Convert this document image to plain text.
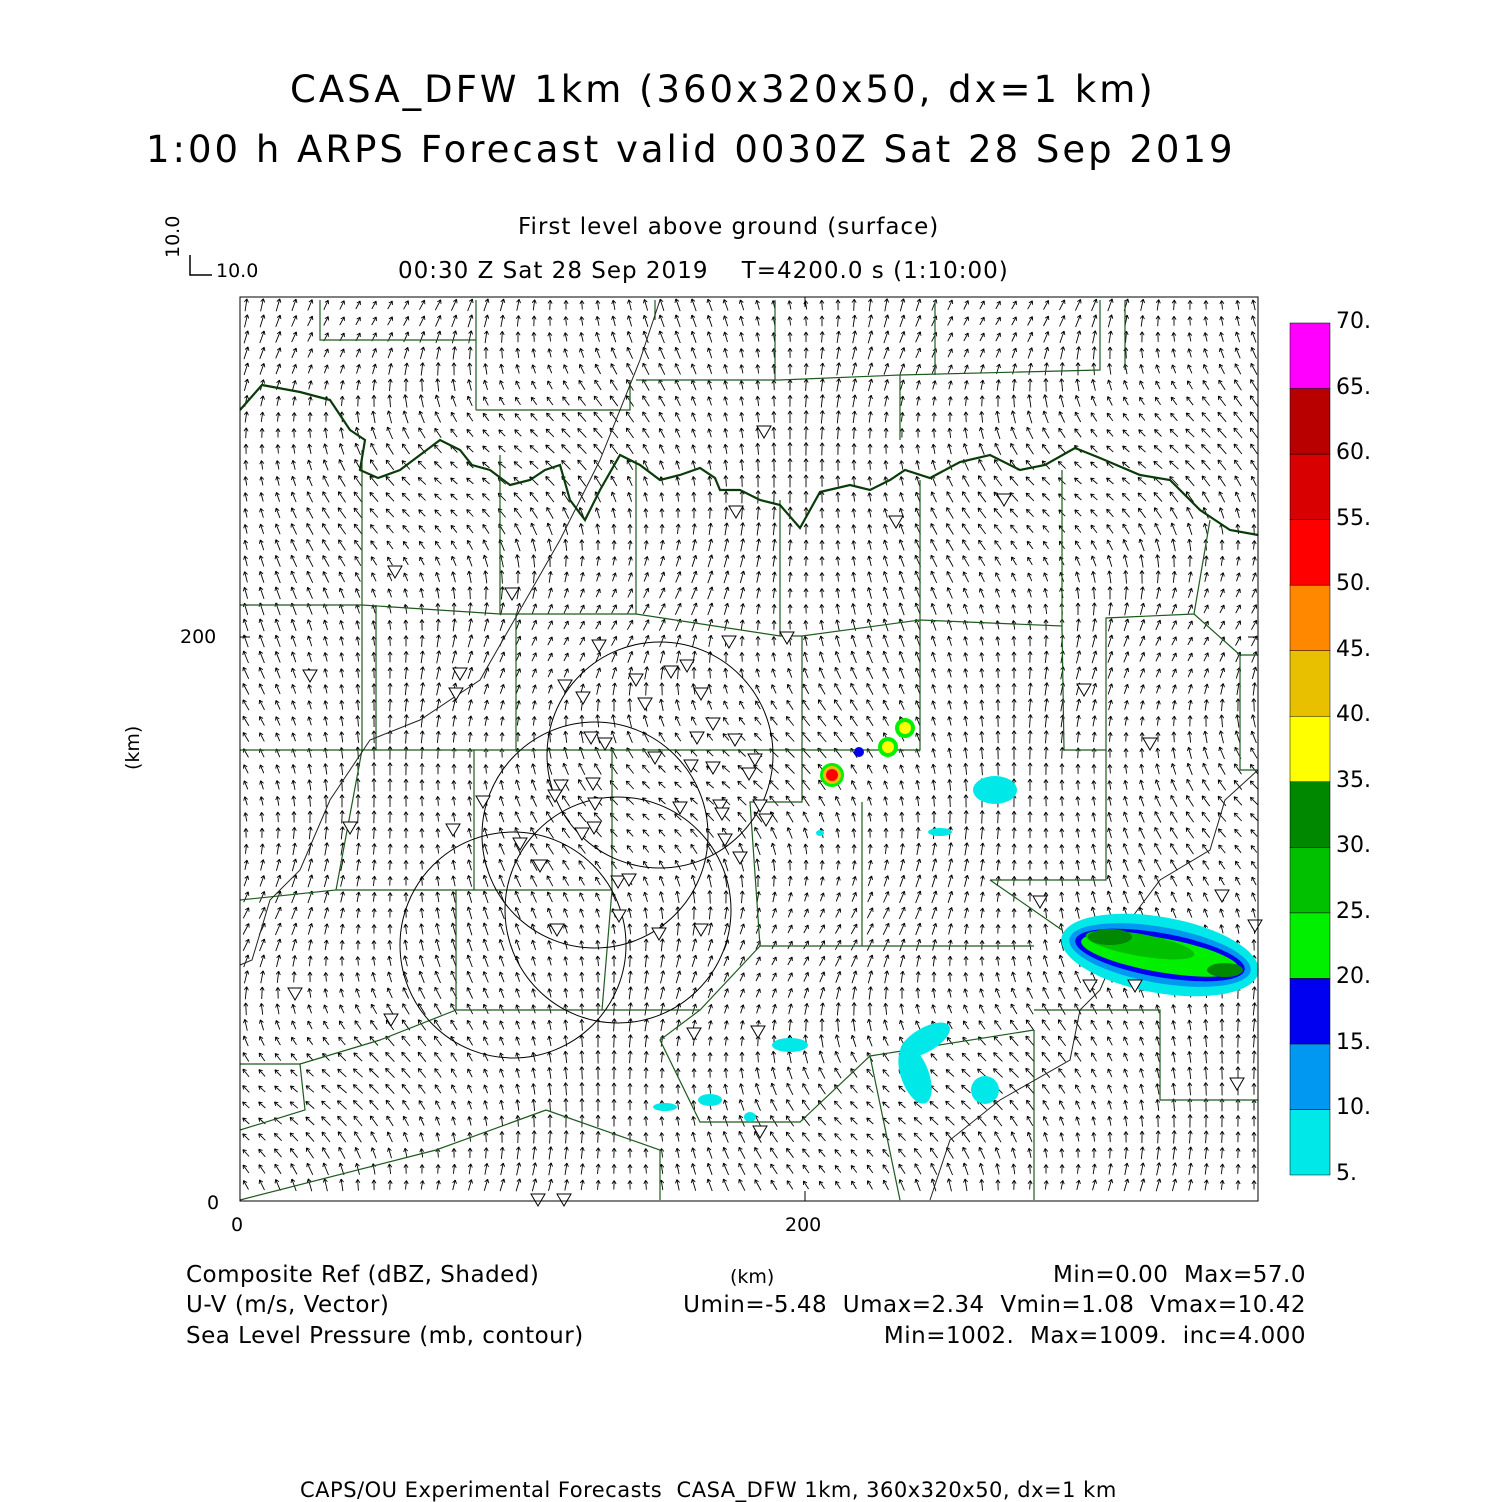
CASA_DFW 1km (360x320x50, dx=1 km)
1:00 h ARPS Forecast valid 0030Z Sat 28 Sep 2019
First level above ground (surface)
00:30 Z Sat 28 Sep 2019    T=4200.0 s (1:10:00)
10.0
10.0
200
0
0	200
(km)
(km)
Composite Ref (dBZ, Shaded)	Min=0.00  Max=57.0
U-V (m/s, Vector)	Umin=-5.48  Umax=2.34  Vmin=1.08  Vmax=10.42
Sea Level Pressure (mb, contour)	Min=1002.  Max=1009.  inc=4.000
CAPS/OU Experimental Forecasts  CASA_DFW 1km, 360x320x50, dx=1 km
5.
10.
15.
20.
25.
30.
35.
40.
45.
50.
55.
60.
65.
70.
